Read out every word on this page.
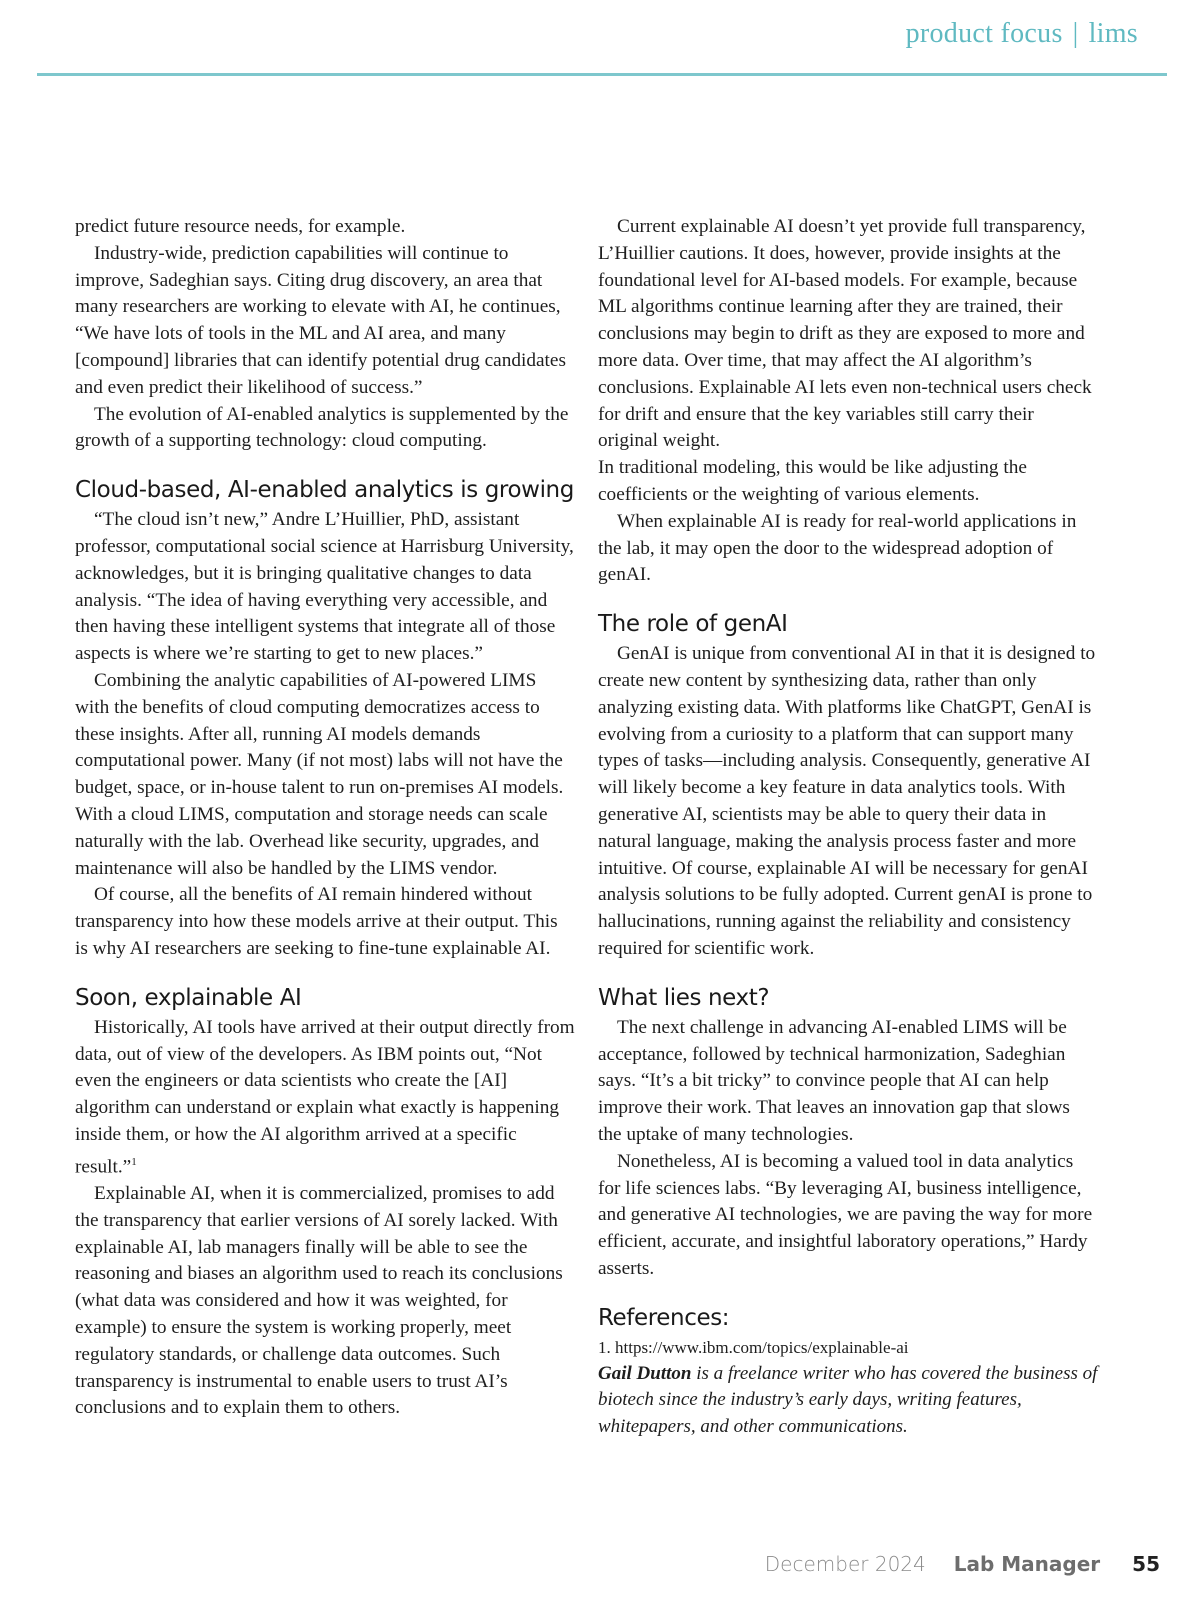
product focus | lims

predict future resource needs, for example.

Industry-wide, prediction capabilities will continue to improve, Sadeghian says. Citing drug discovery, an area that many researchers are working to elevate with AI, he continues, “We have lots of tools in the ML and AI area, and many [compound] libraries that can identify potential drug candidates and even predict their likelihood of success.”

The evolution of AI-enabled analytics is supplemented by the growth of a supporting technology: cloud computing.

Cloud-based, AI-enabled analytics is growing

“The cloud isn’t new,” Andre L’Huillier, PhD, assistant professor, computational social science at Harrisburg University, acknowledges, but it is bringing qualitative changes to data analysis. “The idea of having everything very accessible, and then having these intelligent systems that integrate all of those aspects is where we’re starting to get to new places.”

Combining the analytic capabilities of AI-powered LIMS with the benefits of cloud computing democratizes access to these insights. After all, running AI models demands computational power. Many (if not most) labs will not have the budget, space, or in-house talent to run on-premises AI models. With a cloud LIMS, computation and storage needs can scale naturally with the lab. Overhead like security, upgrades, and maintenance will also be handled by the LIMS vendor.

Of course, all the benefits of AI remain hindered without transparency into how these models arrive at their output. This is why AI researchers are seeking to fine-tune explainable AI.

Soon, explainable AI

Historically, AI tools have arrived at their output directly from data, out of view of the developers. As IBM points out, “Not even the engineers or data scientists who create the [AI] algorithm can understand or explain what exactly is happening inside them, or how the AI algorithm arrived at a specific result.”$^1$

Explainable AI, when it is commercialized, promises to add the transparency that earlier versions of AI sorely lacked. With explainable AI, lab managers finally will be able to see the reasoning and biases an algorithm used to reach its conclusions (what data was considered and how it was weighted, for example) to ensure the system is working properly, meet regulatory standards, or challenge data outcomes. Such transparency is instrumental to enable users to trust AI’s conclusions and to explain them to others.

Current explainable AI doesn’t yet provide full transparency, L’Huillier cautions. It does, however, provide insights at the foundational level for AI-based models. For example, because ML algorithms continue learning after they are trained, their conclusions may begin to drift as they are exposed to more and more data. Over time, that may affect the AI algorithm’s conclusions. Explainable AI lets even non-technical users check for drift and ensure that the key variables still carry their original weight.

In traditional modeling, this would be like adjusting the coefficients or the weighting of various elements.

When explainable AI is ready for real-world applications in the lab, it may open the door to the widespread adoption of genAI.

The role of genAI

GenAI is unique from conventional AI in that it is designed to create new content by synthesizing data, rather than only analyzing existing data. With platforms like ChatGPT, GenAI is evolving from a curiosity to a platform that can support many types of tasks—including analysis. Consequently, generative AI will likely become a key feature in data analytics tools. With generative AI, scientists may be able to query their data in natural language, making the analysis process faster and more intuitive. Of course, explainable AI will be necessary for genAI analysis solutions to be fully adopted. Current genAI is prone to hallucinations, running against the reliability and consistency required for scientific work.

What lies next?

The next challenge in advancing AI-enabled LIMS will be acceptance, followed by technical harmonization, Sadeghian says. “It’s a bit tricky” to convince people that AI can help improve their work. That leaves an innovation gap that slows the uptake of many technologies.

Nonetheless, AI is becoming a valued tool in data analytics for life sciences labs. “By leveraging AI, business intelligence, and generative AI technologies, we are paving the way for more efficient, accurate, and insightful laboratory operations,” Hardy asserts.

References:

1. https://www.ibm.com/topics/explainable-ai

Gail Dutton is a freelance writer who has covered the business of biotech since the industry’s early days, writing features, whitepapers, and other communications.

December 2024 Lab Manager 55
